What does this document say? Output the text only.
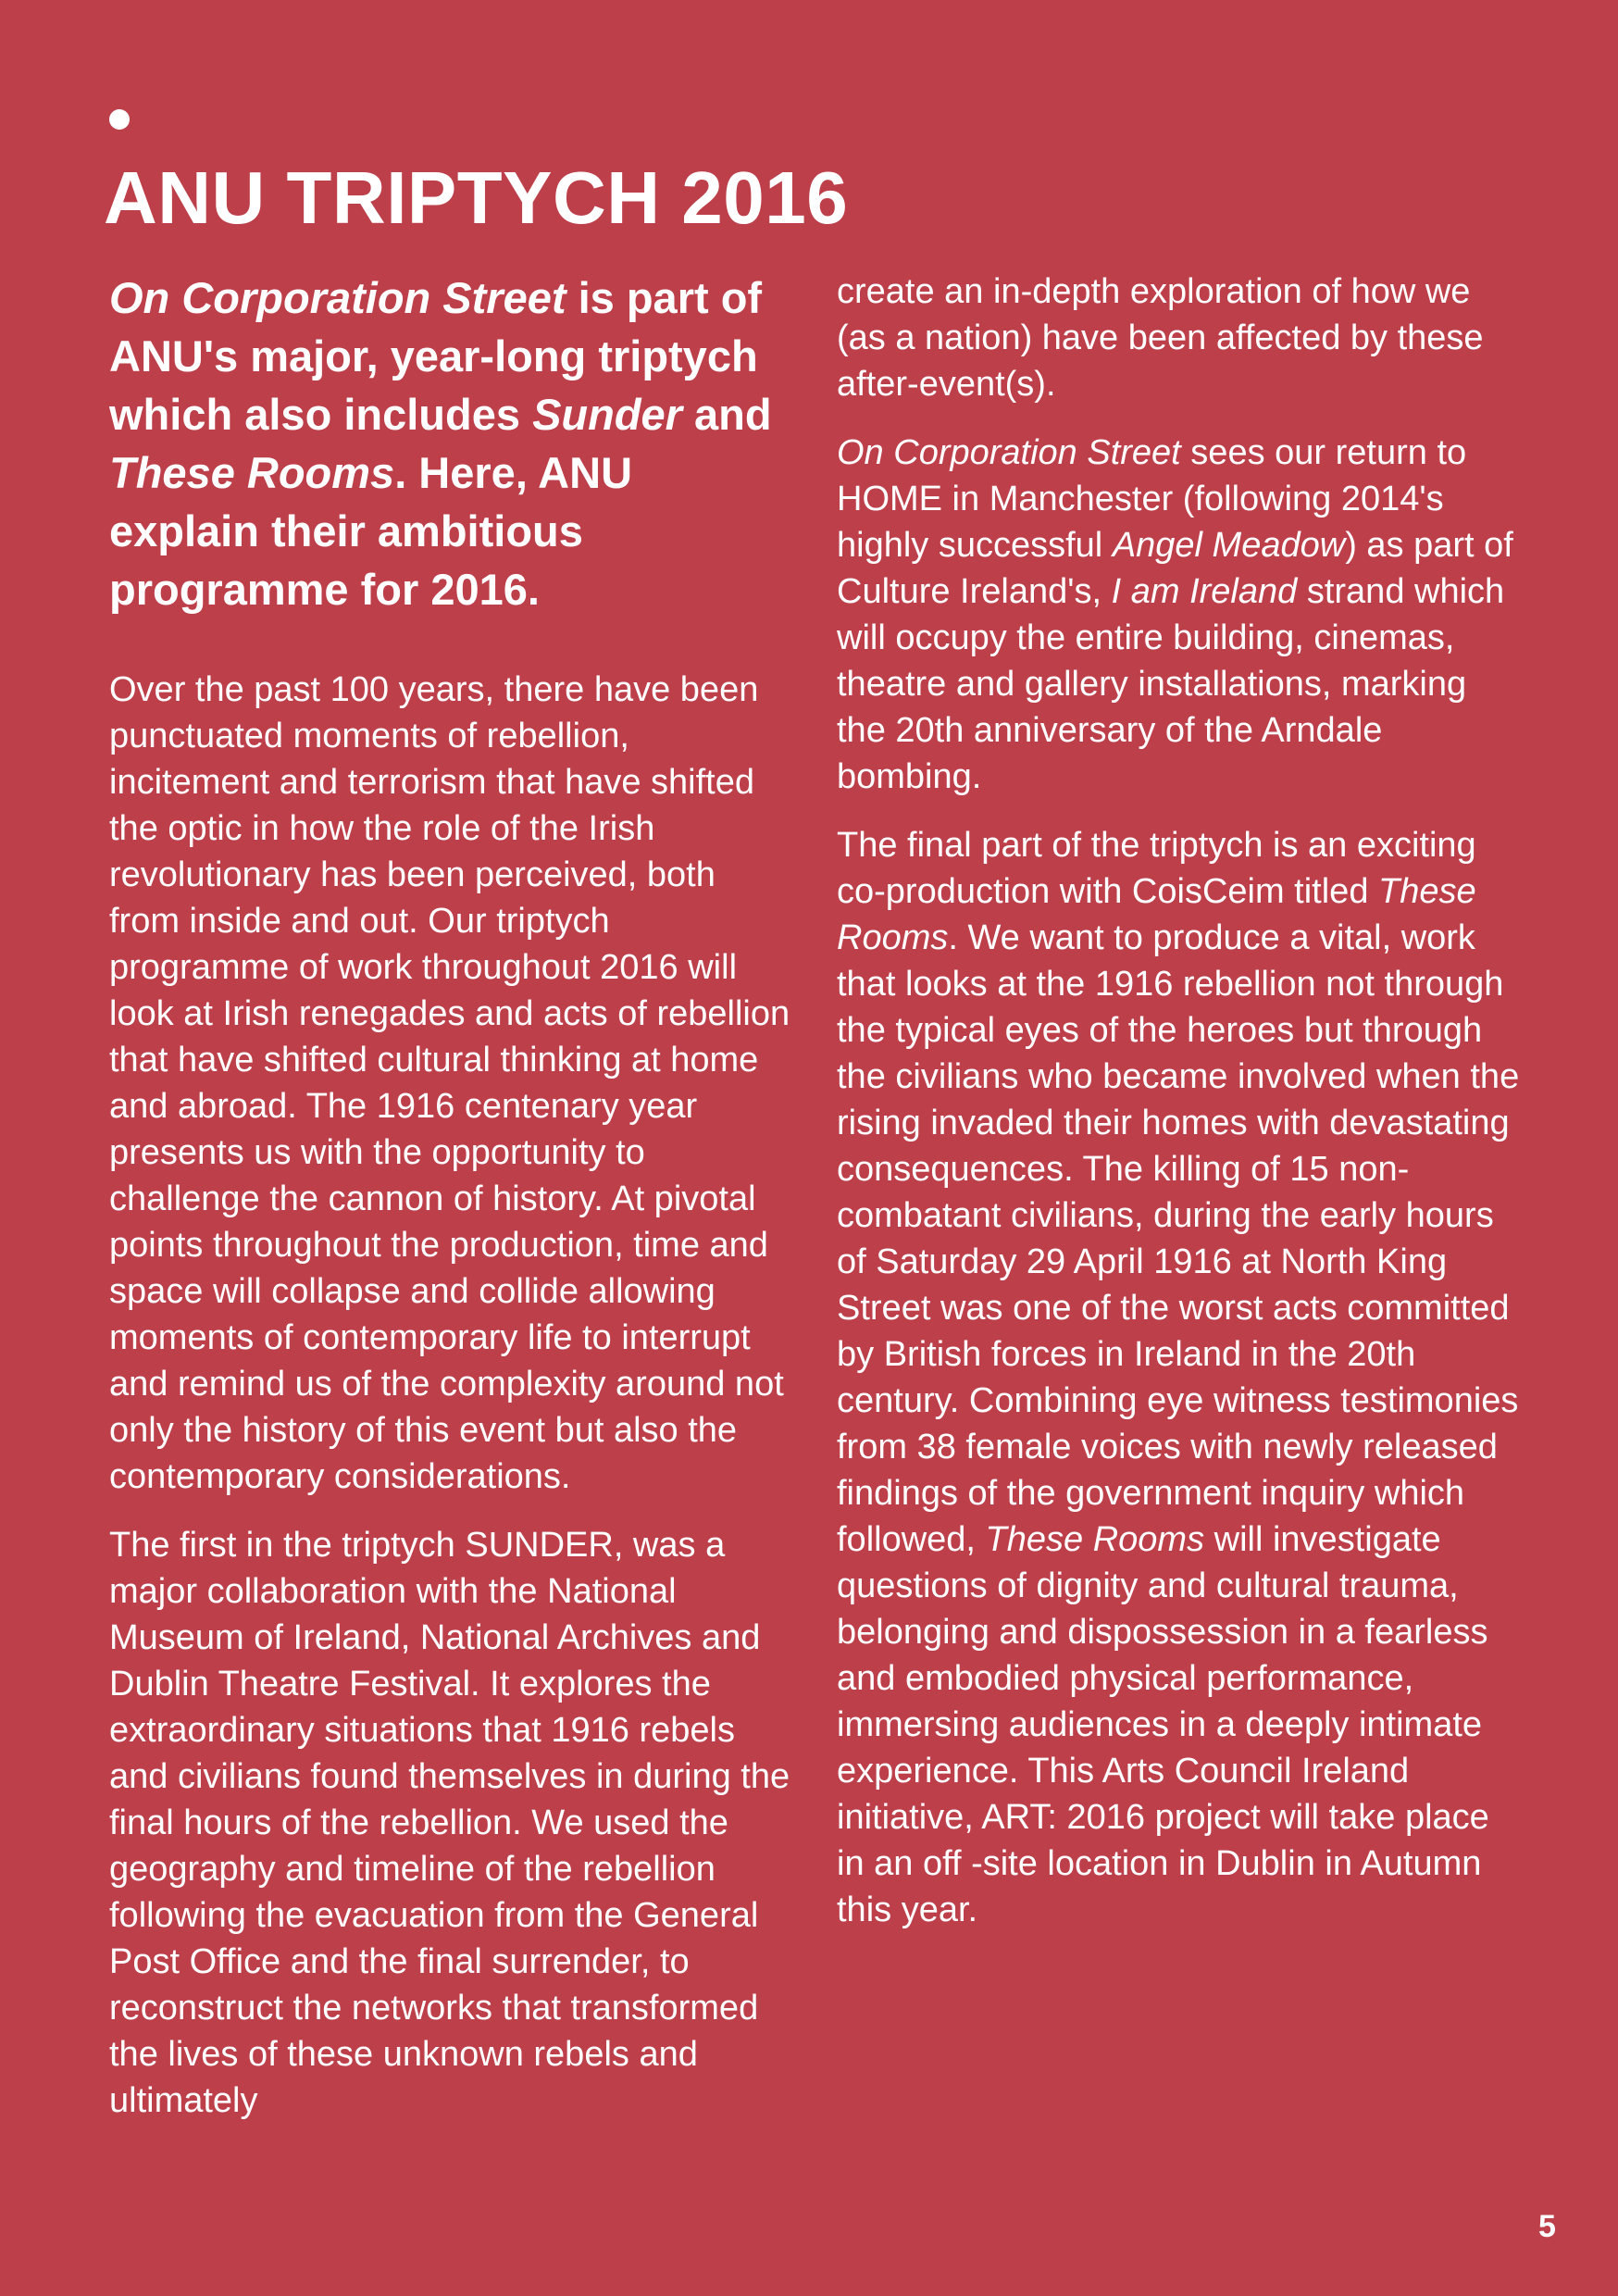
ANU TRIPTYCH 2016

On Corporation Street is part of ANU's major, year-long triptych which also includes Sunder and These Rooms. Here, ANU explain their ambitious programme for 2016.

Over the past 100 years, there have been punctuated moments of rebellion, incitement and terrorism that have shifted the optic in how the role of the Irish revolutionary has been perceived, both from inside and out. Our triptych programme of work throughout 2016 will look at Irish renegades and acts of rebellion that have shifted cultural thinking at home and abroad. The 1916 centenary year presents us with the opportunity to challenge the cannon of history. At pivotal points throughout the production, time and space will collapse and collide allowing moments of contemporary life to interrupt and remind us of the complexity around not only the history of this event but also the contemporary considerations.

The first in the triptych SUNDER, was a major collaboration with the National Museum of Ireland, National Archives and Dublin Theatre Festival. It explores the extraordinary situations that 1916 rebels and civilians found themselves in during the final hours of the rebellion. We used the geography and timeline of the rebellion following the evacuation from the General Post Office and the final surrender, to reconstruct the networks that transformed the lives of these unknown rebels and ultimately

create an in-depth exploration of how we (as a nation) have been affected by these after-event(s).

On Corporation Street sees our return to HOME in Manchester (following 2014's highly successful Angel Meadow) as part of Culture Ireland's, I am Ireland strand which will occupy the entire building, cinemas, theatre and gallery installations, marking the 20th anniversary of the Arndale bombing.

The final part of the triptych is an exciting co-production with CoisCeim titled These Rooms. We want to produce a vital, work that looks at the 1916 rebellion not through the typical eyes of the heroes but through the civilians who became involved when the rising invaded their homes with devastating consequences. The killing of 15 non-combatant civilians, during the early hours of Saturday 29 April 1916 at North King Street was one of the worst acts committed by British forces in Ireland in the 20th century. Combining eye witness testimonies from 38 female voices with newly released findings of the government inquiry which followed, These Rooms will investigate questions of dignity and cultural trauma, belonging and dispossession in a fearless and embodied physical performance, immersing audiences in a deeply intimate experience. This Arts Council Ireland initiative, ART: 2016 project will take place in an off -site location in Dublin in Autumn this year.

5
